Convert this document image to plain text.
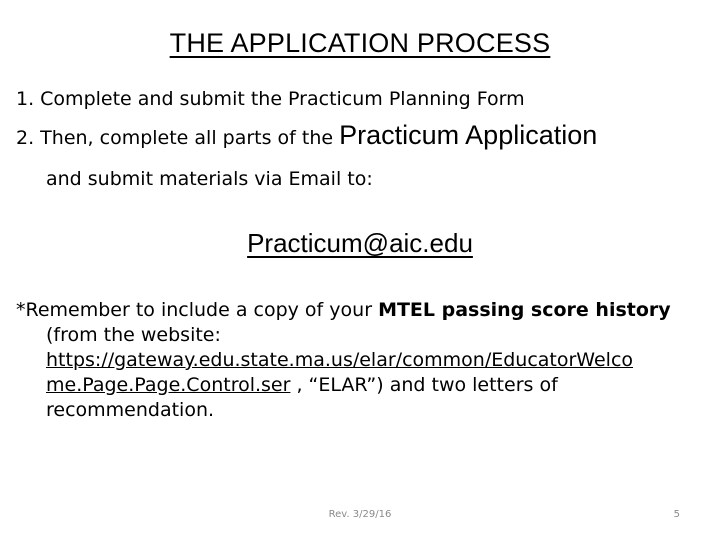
THE APPLICATION PROCESS
1. Complete and submit the Practicum Planning Form
2. Then, complete all parts of the Practicum Application
and submit materials via Email to:
Practicum@aic.edu
*Remember to include a copy of your MTEL passing score history
(from the website:
https://gateway.edu.state.ma.us/elar/common/EducatorWelco
me.Page.Page.Control.ser , “ELAR”) and two letters of
recommendation.
Rev. 3/29/16	5
